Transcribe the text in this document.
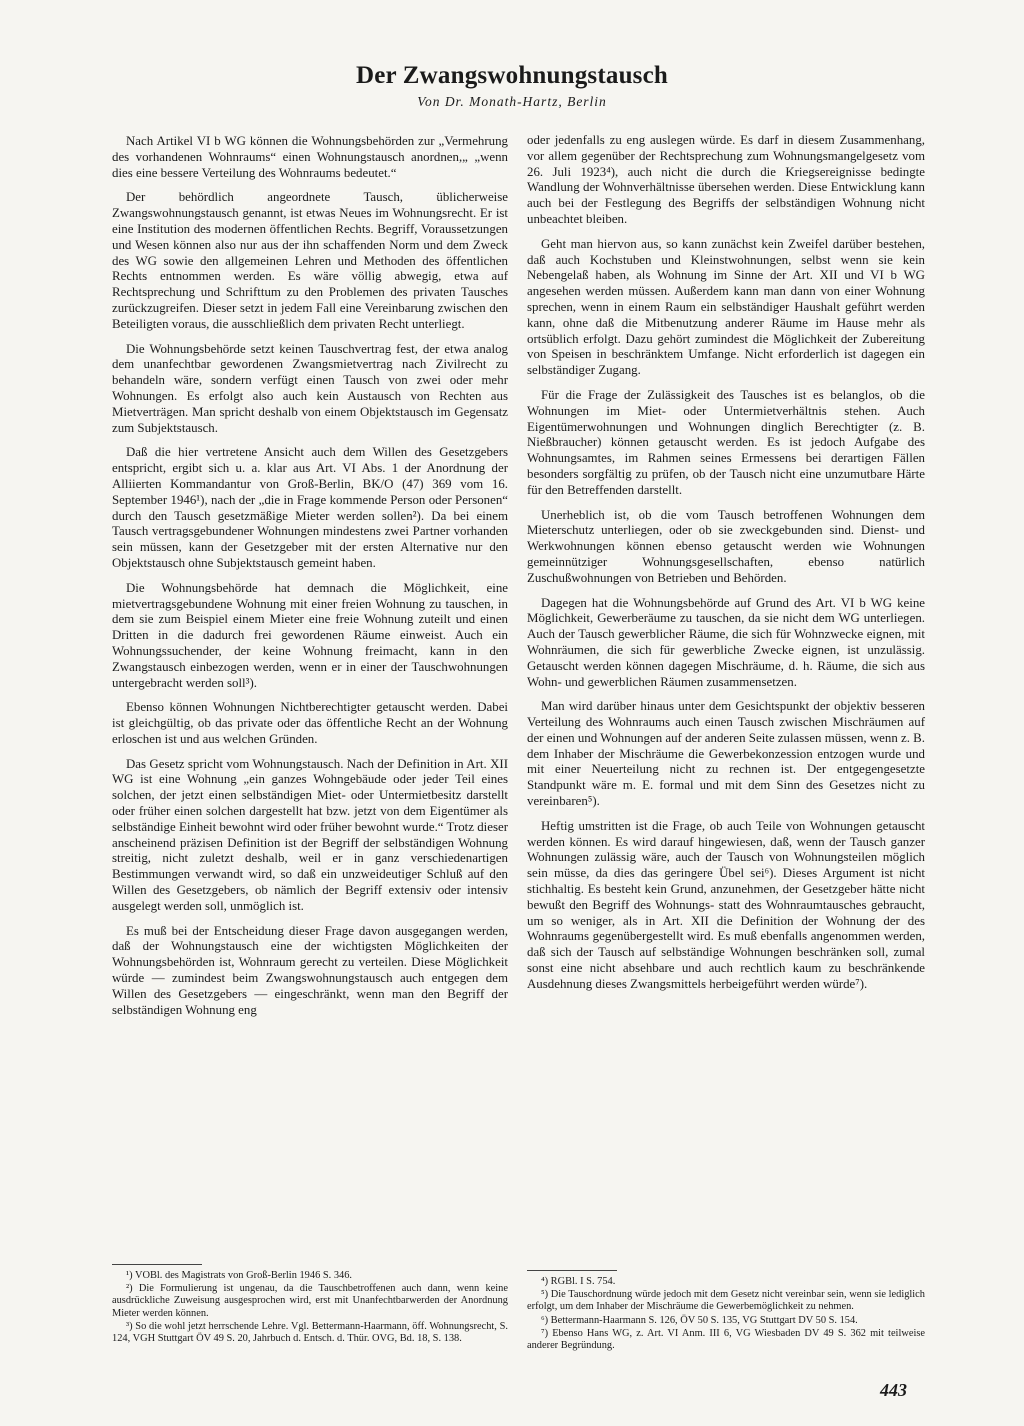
Der Zwangswohnungstausch
Von Dr. Monath-Hartz, Berlin

Nach Artikel VI b WG können die Wohnungsbehörden zur „Vermehrung des vorhandenen Wohnraums“ einen Wohnungstausch anordnen,„ „wenn dies eine bessere Verteilung des Wohnraums bedeutet.“

Der behördlich angeordnete Tausch, üblicherweise Zwangswohnungstausch genannt, ist etwas Neues im Wohnungsrecht. Er ist eine Institution des modernen öffentlichen Rechts. Begriff, Voraussetzungen und Wesen können also nur aus der ihn schaffenden Norm und dem Zweck des WG sowie den allgemeinen Lehren und Methoden des öffentlichen Rechts entnommen werden. Es wäre völlig abwegig, etwa auf Rechtsprechung und Schrifttum zu den Problemen des privaten Tausches zurückzugreifen. Dieser setzt in jedem Fall eine Vereinbarung zwischen den Beteiligten voraus, die ausschließlich dem privaten Recht unterliegt.

Die Wohnungsbehörde setzt keinen Tauschvertrag fest, der etwa analog dem unanfechtbar gewordenen Zwangsmietvertrag nach Zivilrecht zu behandeln wäre, sondern verfügt einen Tausch von zwei oder mehr Wohnungen. Es erfolgt also auch kein Austausch von Rechten aus Mietverträgen. Man spricht deshalb von einem Objektstausch im Gegensatz zum Subjektstausch.

Daß die hier vertretene Ansicht auch dem Willen des Gesetzgebers entspricht, ergibt sich u. a. klar aus Art. VI Abs. 1 der Anordnung der Alliierten Kommandantur von Groß-Berlin, BK/O (47) 369 vom 16. September 1946¹), nach der „die in Frage kommende Person oder Personen“ durch den Tausch gesetzmäßige Mieter werden sollen²). Da bei einem Tausch vertragsgebundener Wohnungen mindestens zwei Partner vorhanden sein müssen, kann der Gesetzgeber mit der ersten Alternative nur den Objektstausch ohne Subjektstausch gemeint haben.

Die Wohnungsbehörde hat demnach die Möglichkeit, eine mietvertragsgebundene Wohnung mit einer freien Wohnung zu tauschen, in dem sie zum Beispiel einem Mieter eine freie Wohnung zuteilt und einen Dritten in die dadurch frei gewordenen Räume einweist. Auch ein Wohnungssuchender, der keine Wohnung freimacht, kann in den Zwangstausch einbezogen werden, wenn er in einer der Tauschwohnungen untergebracht werden soll³).

Ebenso können Wohnungen Nichtberechtigter getauscht werden. Dabei ist gleichgültig, ob das private oder das öffentliche Recht an der Wohnung erloschen ist und aus welchen Gründen.

Das Gesetz spricht vom Wohnungstausch. Nach der Definition in Art. XII WG ist eine Wohnung „ein ganzes Wohngebäude oder jeder Teil eines solchen, der jetzt einen selbständigen Miet- oder Untermietbesitz darstellt oder früher einen solchen dargestellt hat bzw. jetzt von dem Eigentümer als selbständige Einheit bewohnt wird oder früher bewohnt wurde.“ Trotz dieser anscheinend präzisen Definition ist der Begriff der selbständigen Wohnung streitig, nicht zuletzt deshalb, weil er in ganz verschiedenartigen Bestimmungen verwandt wird, so daß ein unzweideutiger Schluß auf den Willen des Gesetzgebers, ob nämlich der Begriff extensiv oder intensiv ausgelegt werden soll, unmöglich ist.

Es muß bei der Entscheidung dieser Frage davon ausgegangen werden, daß der Wohnungstausch eine der wichtigsten Möglichkeiten der Wohnungsbehörden ist, Wohnraum gerecht zu verteilen. Diese Möglichkeit würde — zumindest beim Zwangswohnungstausch auch entgegen dem Willen des Gesetzgebers — eingeschränkt, wenn man den Begriff der selbständigen Wohnung eng

oder jedenfalls zu eng auslegen würde. Es darf in diesem Zusammenhang, vor allem gegenüber der Rechtsprechung zum Wohnungsmangelgesetz vom 26. Juli 1923⁴), auch nicht die durch die Kriegsereignisse bedingte Wandlung der Wohnverhältnisse übersehen werden. Diese Entwicklung kann auch bei der Festlegung des Begriffs der selbständigen Wohnung nicht unbeachtet bleiben.

Geht man hiervon aus, so kann zunächst kein Zweifel darüber bestehen, daß auch Kochstuben und Kleinstwohnungen, selbst wenn sie kein Nebengelaß haben, als Wohnung im Sinne der Art. XII und VI b WG angesehen werden müssen. Außerdem kann man dann von einer Wohnung sprechen, wenn in einem Raum ein selbständiger Haushalt geführt werden kann, ohne daß die Mitbenutzung anderer Räume im Hause mehr als ortsüblich erfolgt. Dazu gehört zumindest die Möglichkeit der Zubereitung von Speisen in beschränktem Umfange. Nicht erforderlich ist dagegen ein selbständiger Zugang.

Für die Frage der Zulässigkeit des Tausches ist es belanglos, ob die Wohnungen im Miet- oder Untermietverhältnis stehen. Auch Eigentümerwohnungen und Wohnungen dinglich Berechtigter (z. B. Nießbraucher) können getauscht werden. Es ist jedoch Aufgabe des Wohnungsamtes, im Rahmen seines Ermessens bei derartigen Fällen besonders sorgfältig zu prüfen, ob der Tausch nicht eine unzumutbare Härte für den Betreffenden darstellt.

Unerheblich ist, ob die vom Tausch betroffenen Wohnungen dem Mieterschutz unterliegen, oder ob sie zweckgebunden sind. Dienst- und Werkwohnungen können ebenso getauscht werden wie Wohnungen gemeinnütziger Wohnungsgesellschaften, ebenso natürlich Zuschußwohnungen von Betrieben und Behörden.

Dagegen hat die Wohnungsbehörde auf Grund des Art. VI b WG keine Möglichkeit, Gewerberäume zu tauschen, da sie nicht dem WG unterliegen. Auch der Tausch gewerblicher Räume, die sich für Wohnzwecke eignen, mit Wohnräumen, die sich für gewerbliche Zwecke eignen, ist unzulässig. Getauscht werden können dagegen Mischräume, d. h. Räume, die sich aus Wohn- und gewerblichen Räumen zusammensetzen.

Man wird darüber hinaus unter dem Gesichtspunkt der objektiv besseren Verteilung des Wohnraums auch einen Tausch zwischen Mischräumen auf der einen und Wohnungen auf der anderen Seite zulassen müssen, wenn z. B. dem Inhaber der Mischräume die Gewerbekonzession entzogen wurde und mit einer Neuerteilung nicht zu rechnen ist. Der entgegengesetzte Standpunkt wäre m. E. formal und mit dem Sinn des Gesetzes nicht zu vereinbaren⁵).

Heftig umstritten ist die Frage, ob auch Teile von Wohnungen getauscht werden können. Es wird darauf hingewiesen, daß, wenn der Tausch ganzer Wohnungen zulässig wäre, auch der Tausch von Wohnungsteilen möglich sein müsse, da dies das geringere Übel sei⁶). Dieses Argument ist nicht stichhaltig. Es besteht kein Grund, anzunehmen, der Gesetzgeber hätte nicht bewußt den Begriff des Wohnungs- statt des Wohnraumtausches gebraucht, um so weniger, als in Art. XII die Definition der Wohnung der des Wohnraums gegenübergestellt wird. Es muß ebenfalls angenommen werden, daß sich der Tausch auf selbständige Wohnungen beschränken soll, zumal sonst eine nicht absehbare und auch rechtlich kaum zu beschränkende Ausdehnung dieses Zwangsmittels herbeigeführt werden würde⁷).

¹) VOBl. des Magistrats von Groß-Berlin 1946 S. 346.

²) Die Formulierung ist ungenau, da die Tauschbetroffenen auch dann, wenn keine ausdrückliche Zuweisung ausgesprochen wird, erst mit Unanfechtbarwerden der Anordnung Mieter werden können.

³) So die wohl jetzt herrschende Lehre. Vgl. Bettermann-Haarmann, öff. Wohnungsrecht, S. 124, VGH Stuttgart ÖV 49 S. 20, Jahrbuch d. Entsch. d. Thür. OVG, Bd. 18, S. 138.

⁴) RGBl. I S. 754.

⁵) Die Tauschordnung würde jedoch mit dem Gesetz nicht vereinbar sein, wenn sie lediglich erfolgt, um dem Inhaber der Mischräume die Gewerbemöglichkeit zu nehmen.

⁶) Bettermann-Haarmann S. 126, ÖV 50 S. 135, VG Stuttgart DV 50 S. 154.

⁷) Ebenso Hans WG, z. Art. VI Anm. III 6, VG Wiesbaden DV 49 S. 362 mit teilweise anderer Begründung.

443
